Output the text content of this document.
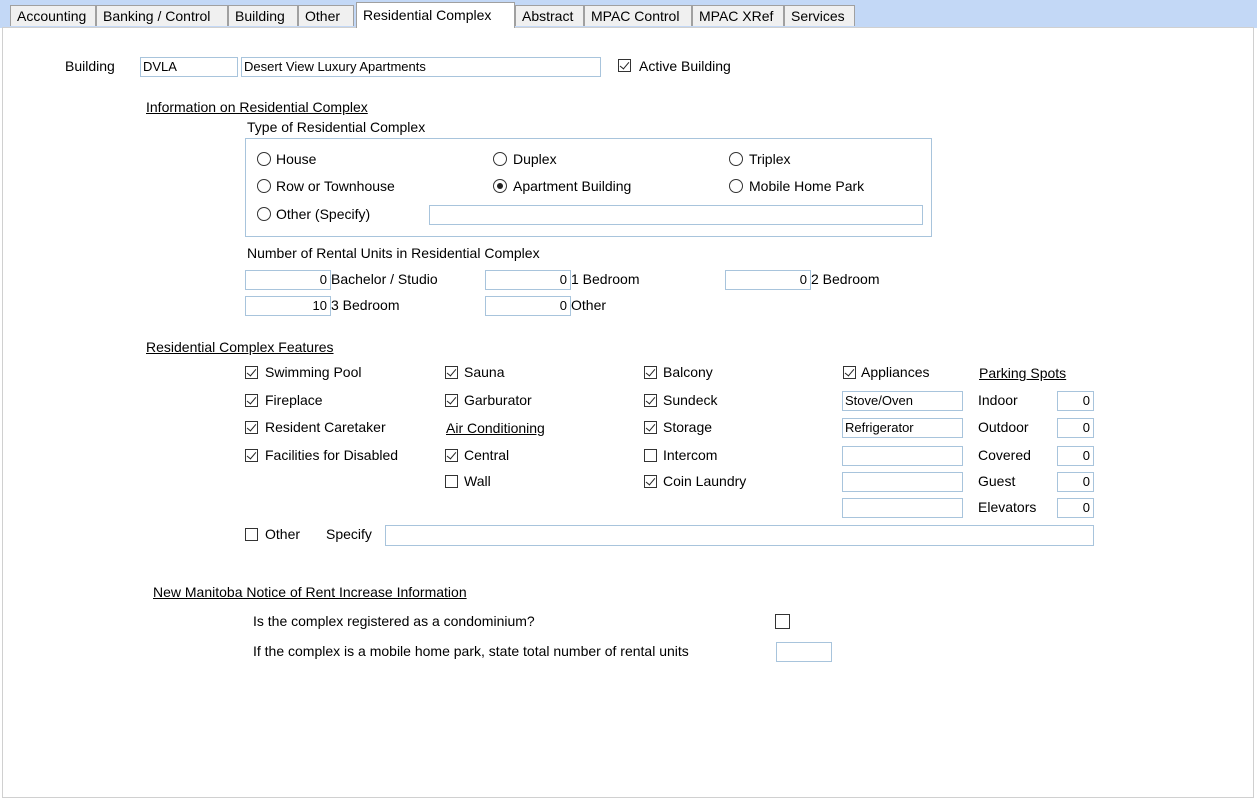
Accounting	Banking / Control	Building	Other	Residential Complex	Abstract	MPAC Control	MPAC XRef	Services
Building DVLA	Desert View Luxury Apartments	Active Building
Information on Residential Complex
Type of Residential Complex
House	Duplex	Triplex
Row or Townhouse	Apartment Building	Mobile Home Park
Other (Specify)
Number of Rental Units in Residential Complex
0 Bachelor / Studio	0 1 Bedroom	0 2 Bedroom
10 3 Bedroom	0 Other
Residential Complex Features
Swimming Pool
Fireplace
Resident Caretaker
Facilities for Disabled
Sauna
Garburator
Air Conditioning
Central
Wall
Balcony
Sundeck
Storage
Intercom
Coin Laundry
Appliances
Stove/Oven
Refrigerator
Parking Spots
Indoor	0
Outdoor	0
Covered	0
Guest	0
Elevators	0
Other Specify
New Manitoba Notice of Rent Increase Information
Is the complex registered as a condominium?
If the complex is a mobile home park, state total number of rental units
